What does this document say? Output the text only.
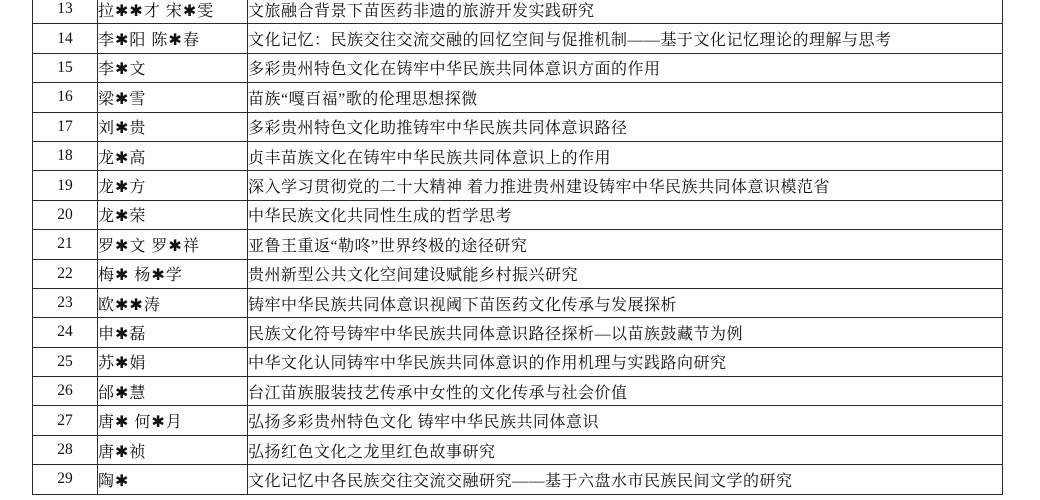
13	拉✱✱才 宋✱雯	文旅融合背景下苗医药非遗的旅游开发实践研究
14	李✱阳 陈✱春	文化记忆：民族交往交流交融的回忆空间与促推机制——基于文化记忆理论的理解与思考
15	李✱文	多彩贵州特色文化在铸牢中华民族共同体意识方面的作用
16	梁✱雪	苗族“嘎百福”歌的伦理思想探微
17	刘✱贵	多彩贵州特色文化助推铸牢中华民族共同体意识路径
18	龙✱高	贞丰苗族文化在铸牢中华民族共同体意识上的作用
19	龙✱方	深入学习贯彻党的二十大精神 着力推进贵州建设铸牢中华民族共同体意识模范省
20	龙✱荣	中华民族文化共同性生成的哲学思考
21	罗✱文 罗✱祥	亚鲁王重返“勒咚”世界终极的途径研究
22	梅✱ 杨✱学	贵州新型公共文化空间建设赋能乡村振兴研究
23	欧✱✱涛	铸牢中华民族共同体意识视阈下苗医药文化传承与发展探析
24	申✱磊	民族文化符号铸牢中华民族共同体意识路径探析—以苗族鼓藏节为例
25	苏✱娟	中华文化认同铸牢中华民族共同体意识的作用机理与实践路向研究
26	邰✱慧	台江苗族服装技艺传承中女性的文化传承与社会价值
27	唐✱ 何✱月	弘扬多彩贵州特色文化 铸牢中华民族共同体意识
28	唐✱祯	弘扬红色文化之龙里红色故事研究
29	陶✱	文化记忆中各民族交往交流交融研究——基于六盘水市民族民间文学的研究
